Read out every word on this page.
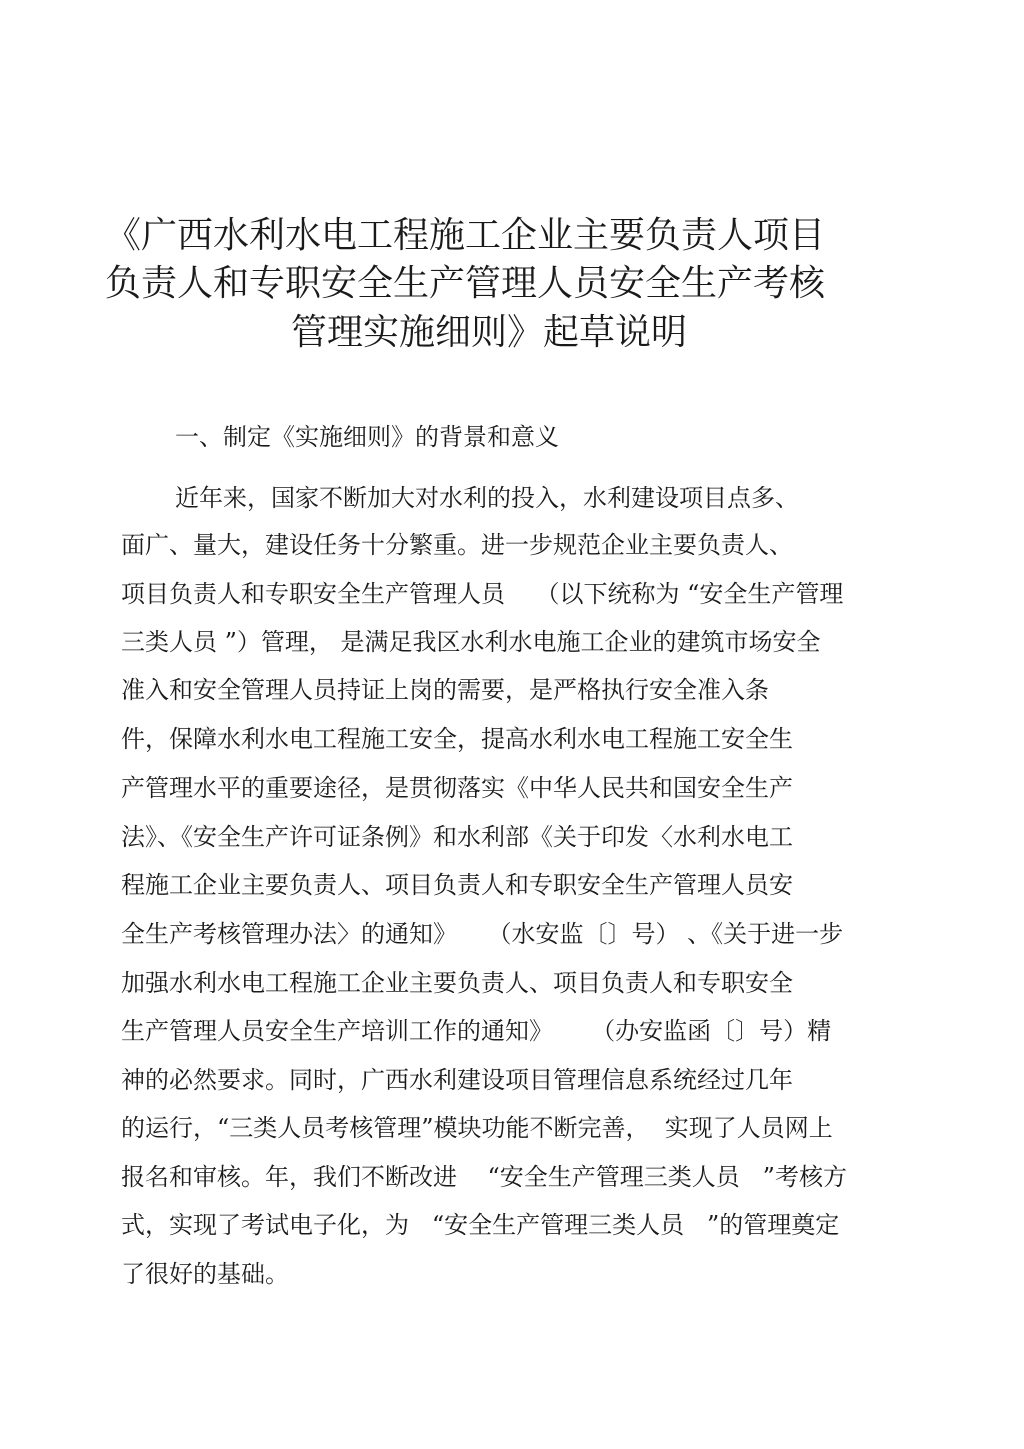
《广西水利水电工程施工企业主要负责人项目
负责人和专职安全生产管理人员安全生产考核
管理实施细则》起草说明
一、制定《实施细则》的背景和意义
近年来，国家不断加大对水利的投入，水利建设项目点多、
面广、量大，建设任务十分繁重。进一步规范企业主要负责人、
项目负责人和专职安全生产管理人员    （以下统称为 “安全生产管理
三类人员 ”）管理， 是满足我区水利水电施工企业的建筑市场安全
准入和安全管理人员持证上岗的需要，是严格执行安全准入条
件，保障水利水电工程施工安全，提高水利水电工程施工安全生
产管理水平的重要途径，是贯彻落实《中华人民共和国安全生产
法》、《安全生产许可证条例》和水利部《关于印发〈水利水电工
程施工企业主要负责人、项目负责人和专职安全生产管理人员安
全生产考核管理办法〉的通知》    （水安监〔〕号） 、《关于进一步
加强水利水电工程施工企业主要负责人、项目负责人和专职安全
生产管理人员安全生产培训工作的通知》     （办安监函〔〕号）精
神的必然要求。同时，广西水利建设项目管理信息系统经过几年
的运行，“三类人员考核管理”模块功能不断完善，  实现了人员网上
报名和审核。年，我们不断改进    “安全生产管理三类人员   ”考核方
式，实现了考试电子化，为   “安全生产管理三类人员   ”的管理奠定
了很好的基础。
